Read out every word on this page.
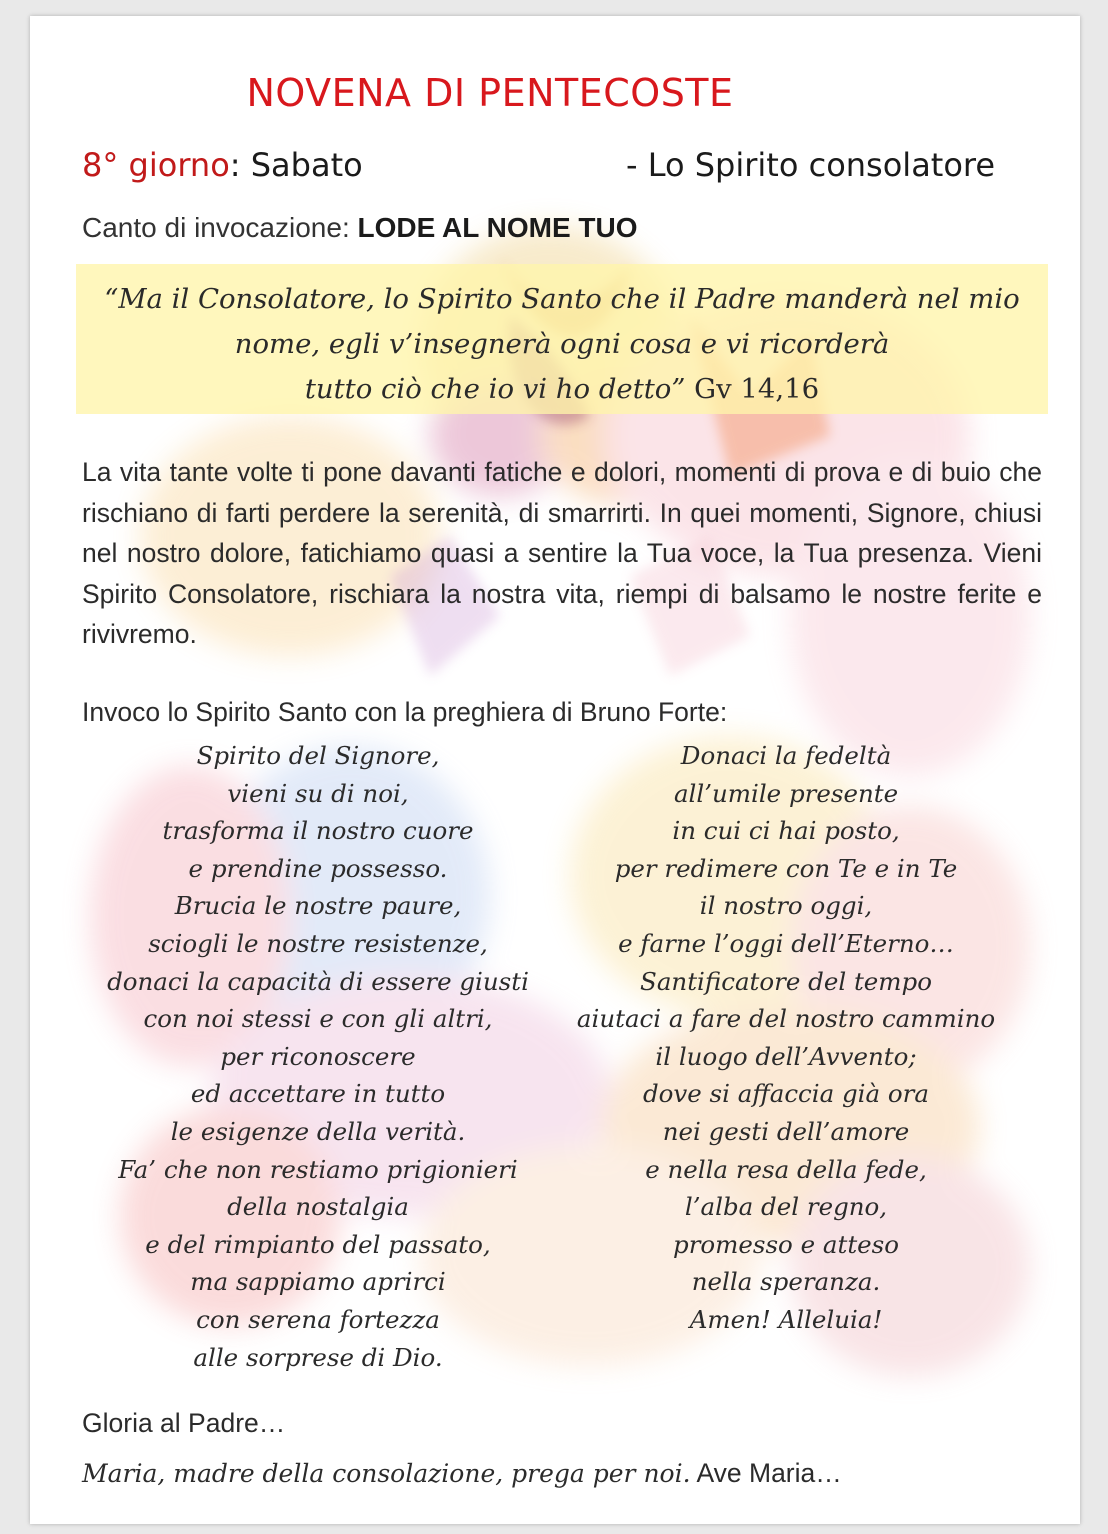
NOVENA DI PENTECOSTE
8° giorno: Sabato	- Lo Spirito consolatore
Canto di invocazione: LODE AL NOME TUO
“Ma il Consolatore, lo Spirito Santo che il Padre manderà nel mio
nome, egli v’insegnerà ogni cosa e vi ricorderà
tutto ciò che io vi ho detto” Gv 14,16

La vita tante volte ti pone davanti fatiche e dolori, momenti di prova e di buio che rischiano di farti perdere la serenità, di smarrirti. In quei momenti, Signore, chiusi nel nostro dolore, fatichiamo quasi a sentire la Tua voce, la Tua presenza. Vieni Spirito Consolatore, rischiara la nostra vita, riempi di balsamo le nostre ferite e rivivremo.

Invoco lo Spirito Santo con la preghiera di Bruno Forte:
Spirito del Signore,
vieni su di noi,
trasforma il nostro cuore
e prendine possesso.
Brucia le nostre paure,
sciogli le nostre resistenze,
donaci la capacità di essere giusti
con noi stessi e con gli altri,
per riconoscere
ed accettare in tutto
le esigenze della verità.
Fa’ che non restiamo prigionieri
della nostalgia
e del rimpianto del passato,
ma sappiamo aprirci
con serena fortezza
alle sorprese di Dio.
Donaci la fedeltà
all’umile presente
in cui ci hai posto,
per redimere con Te e in Te
il nostro oggi,
e farne l’oggi dell’Eterno…
Santificatore del tempo
aiutaci a fare del nostro cammino
il luogo dell’Avvento;
dove si affaccia già ora
nei gesti dell’amore
e nella resa della fede,
l’alba del regno,
promesso e atteso
nella speranza.
Amen! Alleluia!
Gloria al Padre…
Maria, madre della consolazione, prega per noi. Ave Maria…
